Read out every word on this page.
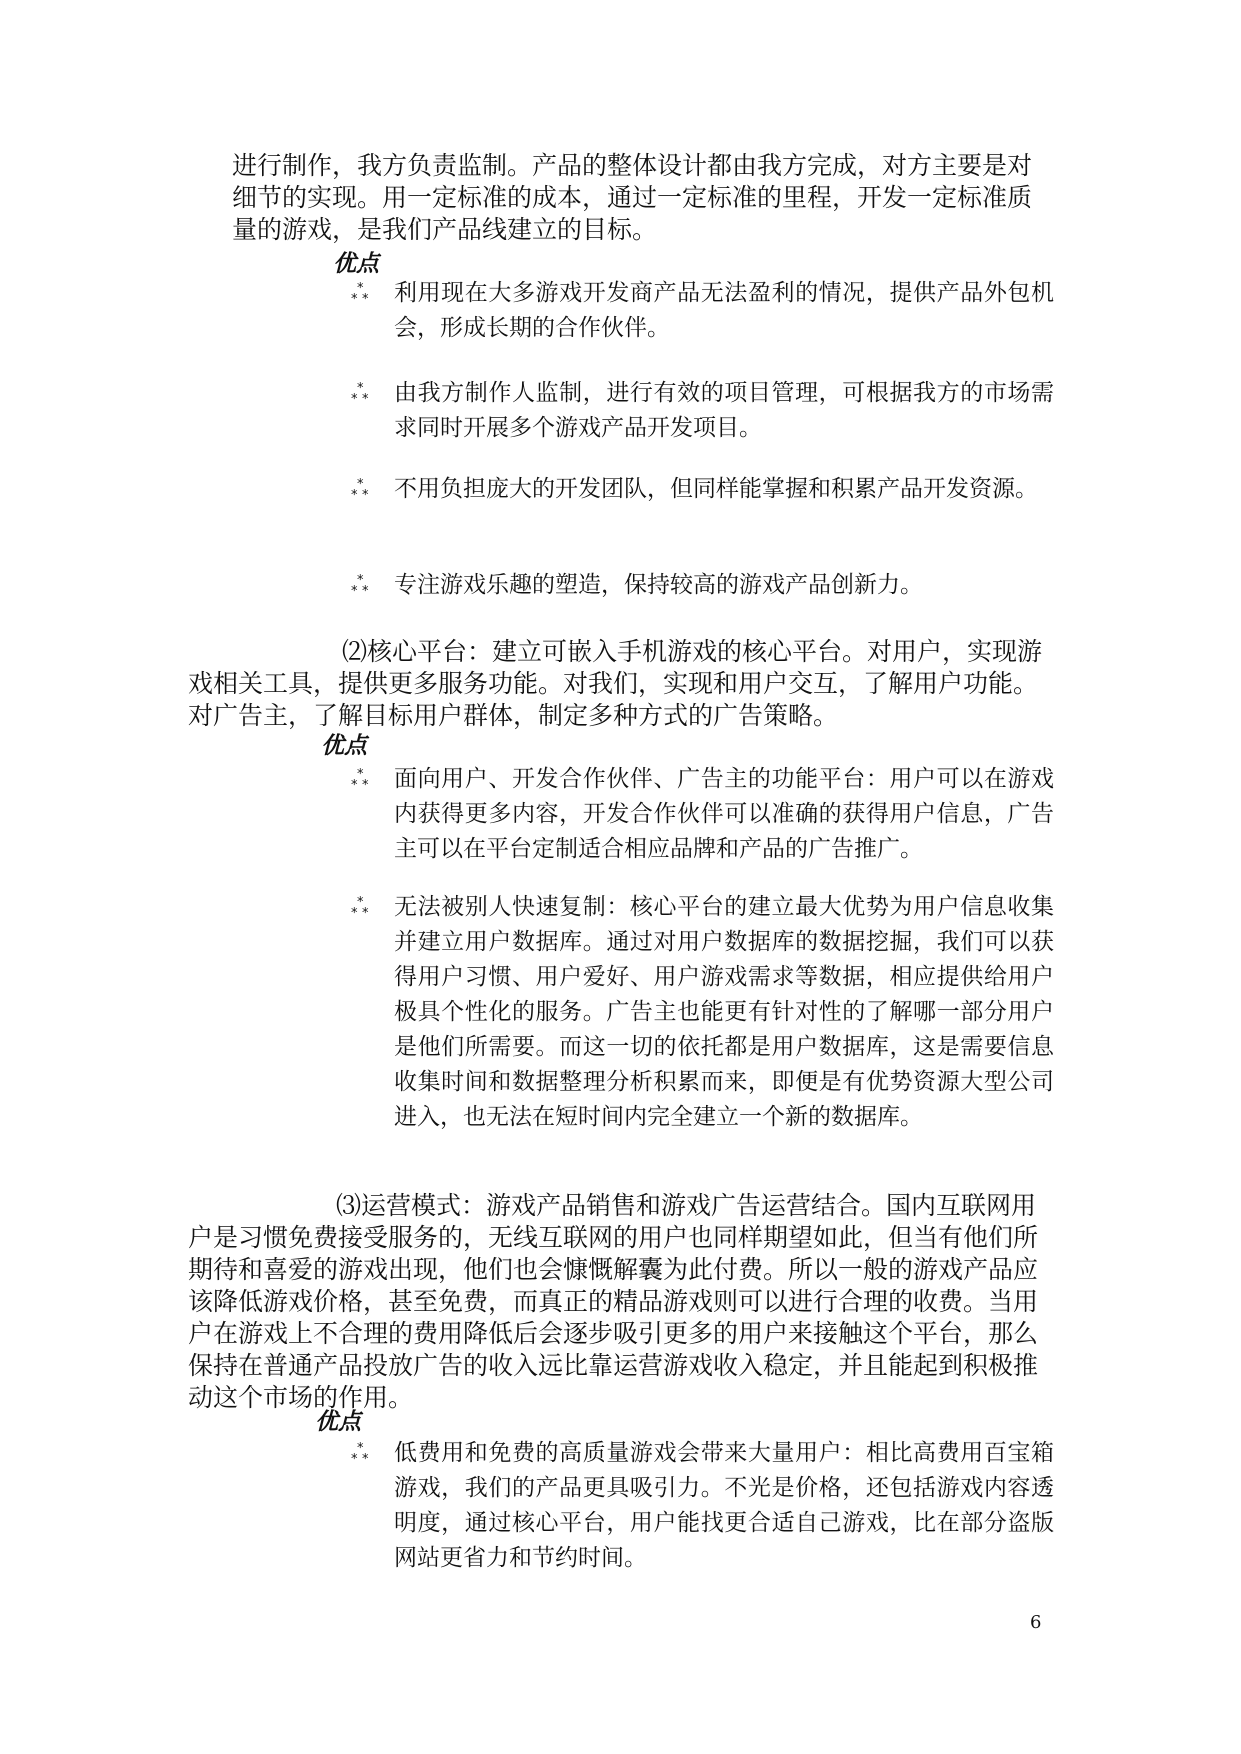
进行制作，我方负责监制。产品的整体设计都由我方完成，对方主要是对细节的实现。用一定标准的成本，通过一定标准的里程，开发一定标准质量的游戏，是我们产品线建立的目标。

优点

*
* * 利用现在大多游戏开发商产品无法盈利的情况，提供产品外包机会，形成长期的合作伙伴。

*
* * 由我方制作人监制，进行有效的项目管理，可根据我方的市场需求同时开展多个游戏产品开发项目。

*
* * 不用负担庞大的开发团队，但同样能掌握和积累产品开发资源。

*
* * 专注游戏乐趣的塑造，保持较高的游戏产品创新力。

⑵核心平台：建立可嵌入手机游戏的核心平台。对用户，实现游戏相关工具，提供更多服务功能。对我们，实现和用户交互，了解用户功能。对广告主，了解目标用户群体，制定多种方式的广告策略。

优点

*
* * 面向用户、开发合作伙伴、广告主的功能平台：用户可以在游戏内获得更多内容，开发合作伙伴可以准确的获得用户信息，广告主可以在平台定制适合相应品牌和产品的广告推广。

*
* * 无法被别人快速复制：核心平台的建立最大优势为用户信息收集并建立用户数据库。通过对用户数据库的数据挖掘，我们可以获得用户习惯、用户爱好、用户游戏需求等数据，相应提供给用户极具个性化的服务。广告主也能更有针对性的了解哪一部分用户是他们所需要。而这一切的依托都是用户数据库，这是需要信息收集时间和数据整理分析积累而来，即便是有优势资源大型公司进入，也无法在短时间内完全建立一个新的数据库。

⑶运营模式：游戏产品销售和游戏广告运营结合。国内互联网用户是习惯免费接受服务的，无线互联网的用户也同样期望如此，但当有他们所期待和喜爱的游戏出现，他们也会慷慨解囊为此付费。所以一般的游戏产品应该降低游戏价格，甚至免费，而真正的精品游戏则可以进行合理的收费。当用户在游戏上不合理的费用降低后会逐步吸引更多的用户来接触这个平台，那么保持在普通产品投放广告的收入远比靠运营游戏收入稳定，并且能起到积极推动这个市场的作用。

优点

*
* * 低费用和免费的高质量游戏会带来大量用户：相比高费用百宝箱游戏，我们的产品更具吸引力。不光是价格，还包括游戏内容透明度，通过核心平台，用户能找更合适自己游戏，比在部分盗版网站更省力和节约时间。

6
